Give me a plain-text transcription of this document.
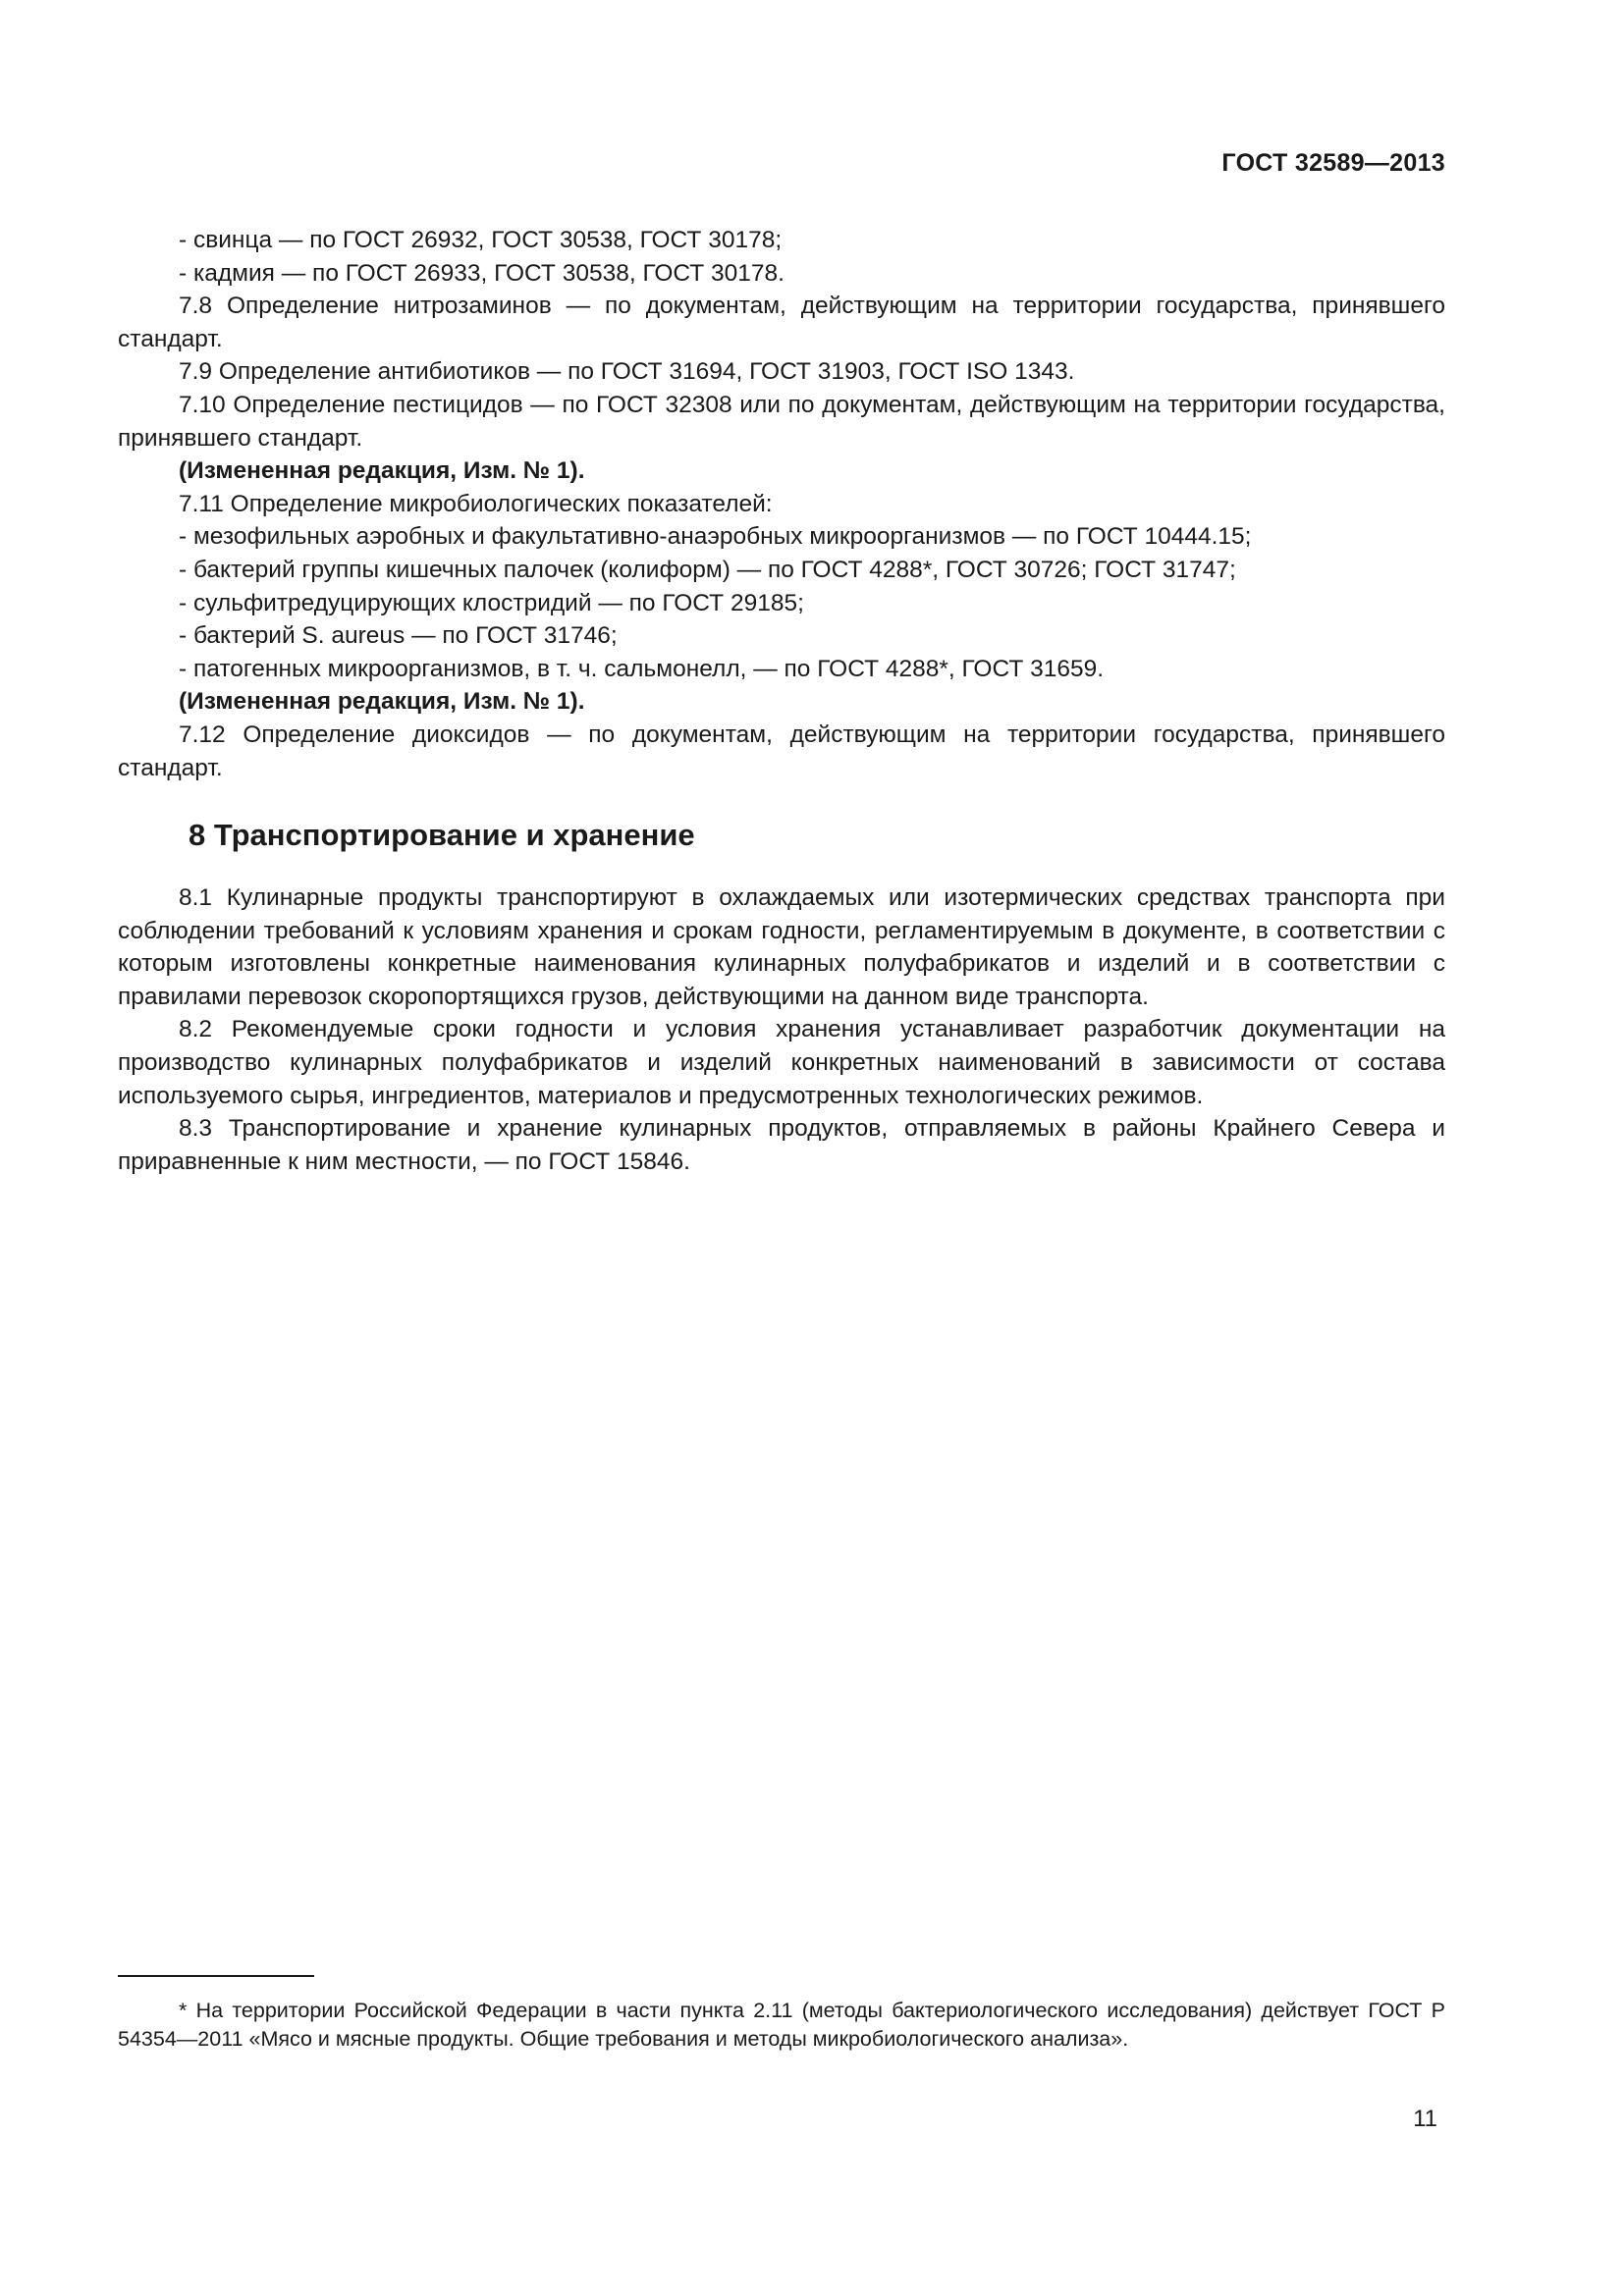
ГОСТ 32589—2013

- свинца — по ГОСТ 26932, ГОСТ 30538, ГОСТ 30178;

- кадмия — по ГОСТ 26933, ГОСТ 30538, ГОСТ 30178.

7.8 Определение нитрозаминов — по документам, действующим на территории государства, принявшего стандарт.

7.9 Определение антибиотиков — по ГОСТ 31694, ГОСТ 31903, ГОСТ ISO 1343.

7.10 Определение пестицидов — по ГОСТ 32308 или по документам, действующим на территории государства, принявшего стандарт.

(Измененная редакция, Изм. № 1).

7.11 Определение микробиологических показателей:

- мезофильных аэробных и факультативно-анаэробных микроорганизмов — по ГОСТ 10444.15;

- бактерий группы кишечных палочек (колиформ) — по ГОСТ 4288*, ГОСТ 30726; ГОСТ 31747;

- сульфитредуцирующих клостридий — по ГОСТ 29185;

- бактерий S. aureus — по ГОСТ 31746;

- патогенных микроорганизмов, в т. ч. сальмонелл, — по ГОСТ 4288*, ГОСТ 31659.

(Измененная редакция, Изм. № 1).

7.12 Определение диоксидов — по документам, действующим на территории государства, принявшего стандарт.

8 Транспортирование и хранение

8.1 Кулинарные продукты транспортируют в охлаждаемых или изотермических средствах транспорта при соблюдении требований к условиям хранения и срокам годности, регламентируемым в документе, в соответствии с которым изготовлены конкретные наименования кулинарных полуфабрикатов и изделий и в соответствии с правилами перевозок скоропортящихся грузов, действующими на данном виде транспорта.

8.2 Рекомендуемые сроки годности и условия хранения устанавливает разработчик документации на производство кулинарных полуфабрикатов и изделий конкретных наименований в зависимости от состава используемого сырья, ингредиентов, материалов и предусмотренных технологических режимов.

8.3 Транспортирование и хранение кулинарных продуктов, отправляемых в районы Крайнего Севера и приравненные к ним местности, — по ГОСТ 15846.

* На территории Российской Федерации в части пункта 2.11 (методы бактериологического исследования) действует ГОСТ Р 54354—2011 «Мясо и мясные продукты. Общие требования и методы микробиологического анализа».

11
